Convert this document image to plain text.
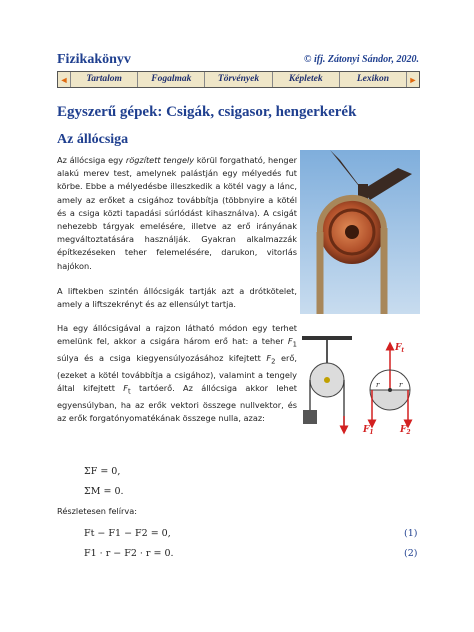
Fizikakönyv	© ifj. Zátonyi Sándor, 2020.
◄	Tartalom	Fogalmak	Törvények	Képletek	Lexikon	►
Egyszerű gépek: Csigák, csigasor, hengerkerék
Az állócsiga
Az állócsiga egy rögzített tengely körül forgatható, henger alakú merev test, amelynek palástján egy mélyedés fut körbe. Ebbe a mélyedésbe illeszkedik a kötél vagy a lánc, amely az erőket a csigához továbbítja (többnyire a kötél és a csiga közti tapadási súrlódást kihasználva). A csigát nehezebb tárgyak emelésére, illetve az erő irányának megváltoztatására használják. Gyakran alkalmazzák építkezéseken teher felemelésére, darukon, vitorlás hajókon.
A liftekben szintén állócsigák tartják azt a drótkötelet, amely a liftszekrényt és az ellensúlyt tartja.
Ha egy állócsigával a rajzon látható módon egy terhet emelünk fel, akkor a csigára három erő hat: a teher $F_1$ súlya és a csiga kiegyensúlyozásához kifejtett $F_2$ erő, (ezeket a kötél továbbítja a csigához), valamint a tengely által kifejtett $F_t$ tartóerő. Az állócsiga akkor lehet egyensúlyban, ha az erők vektori összege nullvektor, és az erők forgatónyomatékának összege nulla, azaz:
$F_t$
r	r
$F_1$	$F_2$
ΣF = 0,
ΣM = 0.
Részletesen felírva:
Ft − F1 − F2 = 0,	(1)
F1 · r − F2 · r = 0.	(2)
